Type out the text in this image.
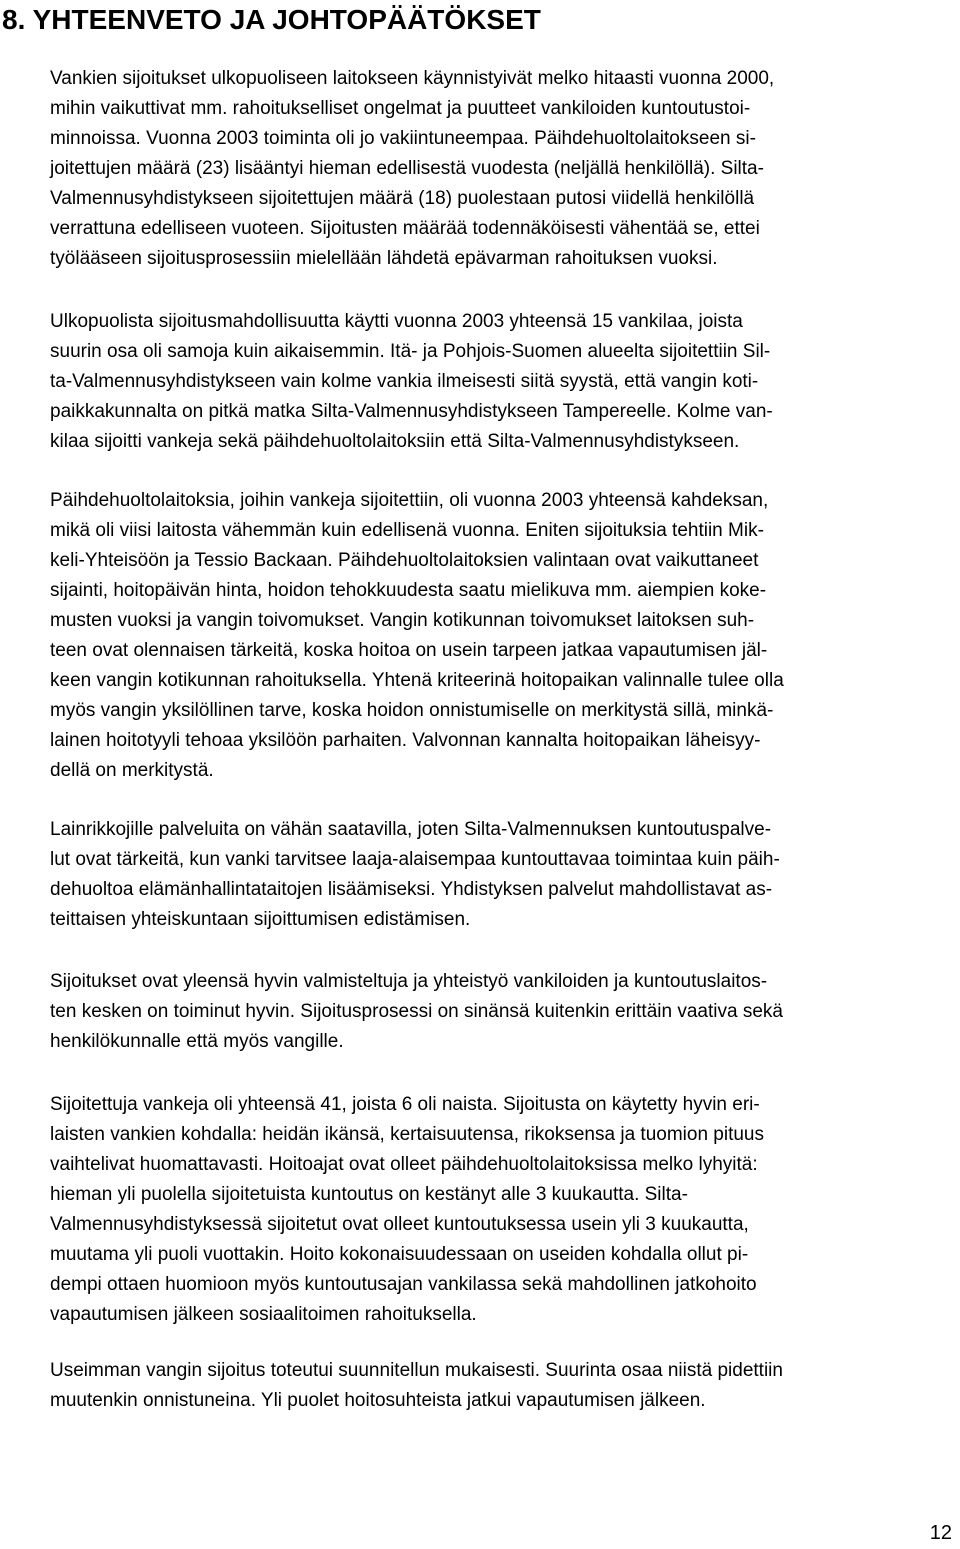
8. YHTEENVETO JA JOHTOPÄÄTÖKSET
Vankien sijoitukset ulkopuoliseen laitokseen käynnistyivät melko hitaasti vuonna 2000,
mihin vaikuttivat mm. rahoitukselliset ongelmat ja puutteet vankiloiden kuntoutustoi-
minnoissa. Vuonna 2003 toiminta oli jo vakiintuneempaa. Päihdehuoltolaitokseen si-
joitettujen määrä (23) lisääntyi hieman edellisestä vuodesta (neljällä henkilöllä). Silta-
Valmennusyhdistykseen sijoitettujen määrä (18) puolestaan putosi viidellä henkilöllä
verrattuna edelliseen vuoteen. Sijoitusten määrää todennäköisesti vähentää se, ettei
työlääseen sijoitusprosessiin mielellään lähdetä epävarman rahoituksen vuoksi.
Ulkopuolista sijoitusmahdollisuutta käytti vuonna 2003 yhteensä 15 vankilaa, joista
suurin osa oli samoja kuin aikaisemmin. Itä- ja Pohjois-Suomen alueelta sijoitettiin Sil-
ta-Valmennusyhdistykseen vain kolme vankia ilmeisesti siitä syystä, että vangin koti-
paikkakunnalta on pitkä matka Silta-Valmennusyhdistykseen Tampereelle. Kolme van-
kilaa sijoitti vankeja sekä päihdehuoltolaitoksiin että Silta-Valmennusyhdistykseen.
Päihdehuoltolaitoksia, joihin vankeja sijoitettiin, oli vuonna 2003 yhteensä kahdeksan,
mikä oli viisi laitosta vähemmän kuin edellisenä vuonna. Eniten sijoituksia tehtiin Mik-
keli-Yhteisöön ja Tessio Backaan. Päihdehuoltolaitoksien valintaan ovat vaikuttaneet
sijainti, hoitopäivän hinta, hoidon tehokkuudesta saatu mielikuva mm. aiempien koke-
musten vuoksi ja vangin toivomukset. Vangin kotikunnan toivomukset laitoksen suh-
teen ovat olennaisen tärkeitä, koska hoitoa on usein tarpeen jatkaa vapautumisen jäl-
keen vangin kotikunnan rahoituksella. Yhtenä kriteerinä hoitopaikan valinnalle tulee olla
myös vangin yksilöllinen tarve, koska hoidon onnistumiselle on merkitystä sillä, minkä-
lainen hoitotyyli tehoaa yksilöön parhaiten. Valvonnan kannalta hoitopaikan läheisyy-
dellä on merkitystä.
Lainrikkojille palveluita on vähän saatavilla, joten Silta-Valmennuksen kuntoutuspalve-
lut ovat tärkeitä, kun vanki tarvitsee laaja-alaisempaa kuntouttavaa toimintaa kuin päih-
dehuoltoa elämänhallintataitojen lisäämiseksi. Yhdistyksen palvelut mahdollistavat as-
teittaisen yhteiskuntaan sijoittumisen edistämisen.
Sijoitukset ovat yleensä hyvin valmisteltuja ja yhteistyö vankiloiden ja kuntoutuslaitos-
ten kesken on toiminut hyvin. Sijoitusprosessi on sinänsä kuitenkin erittäin vaativa sekä
henkilökunnalle että myös vangille.
Sijoitettuja vankeja oli yhteensä 41, joista 6 oli naista. Sijoitusta on käytetty hyvin eri-
laisten vankien kohdalla: heidän ikänsä, kertaisuutensa, rikoksensa ja tuomion pituus
vaihtelivat huomattavasti. Hoitoajat ovat olleet päihdehuoltolaitoksissa melko lyhyitä:
hieman yli puolella sijoitetuista kuntoutus on kestänyt alle 3 kuukautta. Silta-
Valmennusyhdistyksessä sijoitetut ovat olleet kuntoutuksessa usein yli 3 kuukautta,
muutama yli puoli vuottakin. Hoito kokonaisuudessaan on useiden kohdalla ollut pi-
dempi ottaen huomioon myös kuntoutusajan vankilassa sekä mahdollinen jatkohoito
vapautumisen jälkeen sosiaalitoimen rahoituksella.
Useimman vangin sijoitus toteutui suunnitellun mukaisesti. Suurinta osaa niistä pidettiin
muutenkin onnistuneina. Yli puolet hoitosuhteista jatkui vapautumisen jälkeen.
12
